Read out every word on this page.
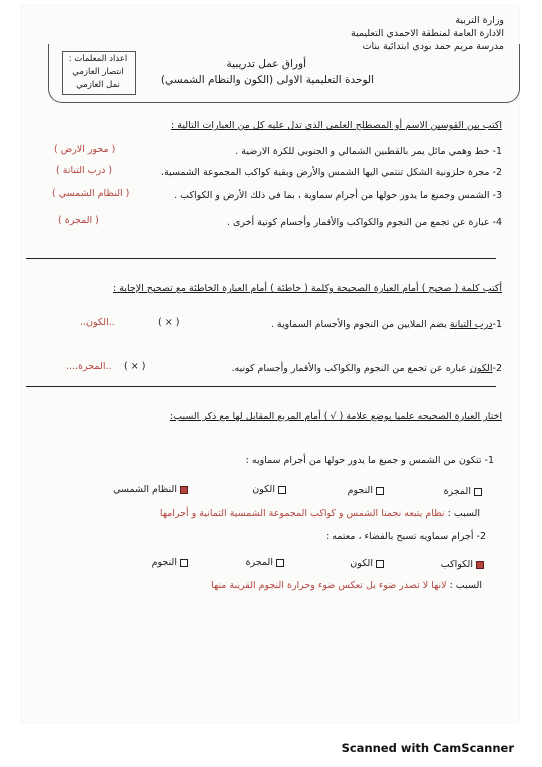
وزارة التربية
الادارة العامة لمنطقة الاحمدي التعليمية
مدرسة مريم حمد بودي ابتدائية بنات
أوراق عمل تدريبية
الوحدة التعليمية الاولى (الكون والنظام الشمسي)
اعداد المعلمات :
انتصار العازمي
نمل العازمي
اكتب بين القوسين الاسم أو المصطلح العلمي الذي تدل عليه كل من العبارات التالية :
1- خط وهمي مائل يمر بالقطبين الشمالي و الجنوبي للكرة الارضية .
( محور الارض )
2- مجرة حلزونية الشكل تنتمي اليها الشمس والأرض وبقية كواكب المجموعة الشمسية.
( درب التبانة )
3- الشمس وجميع ما يدور حولها من أجرام سماوية ، بما في ذلك الأرض و الكواكب .
( النظام الشمسي )
4- عبارة عن تجمع من النجوم والكواكب والأقمار وأجسام كونية أخرى .
( المجرة )
أكتب كلمة ( صحيح ) أمام العبارة الصحيحة وكلمة ( خاطئة ) أمام العبارة الخاطئة مع تصحيح الإجابة :
1-درب التبانة يضم الملايين من النجوم والأجسام السماوية .
( × )
..الكون..
2-الكون عباره عن تجمع من النجوم والكواكب والأقمار وأجسام كونيه.
( × )
..المجرة....
اختار العبارة الصحيحه علميا بوضع علامة ( √ ) أمام المربع المقابل لها مع ذكر السبب:
1- تتكون من الشمس و جميع ما يدور حولها من أجرام سماويه :
المجرة
النجوم
الكون
النظام الشمسي
السبب : نظام يتبعه نجمنا الشمس و كواكب المجموعة الشمسية الثمانية و أجرامها
2- أجرام سماويه تسبح بالفضاء ، معتمه :
الكواكب
الكون
المجرة
النجوم
السبب : لانها لا تصدر ضوء بل تعكس ضوء وحرارة النجوم القريبة منها
Scanned with CamScanner
